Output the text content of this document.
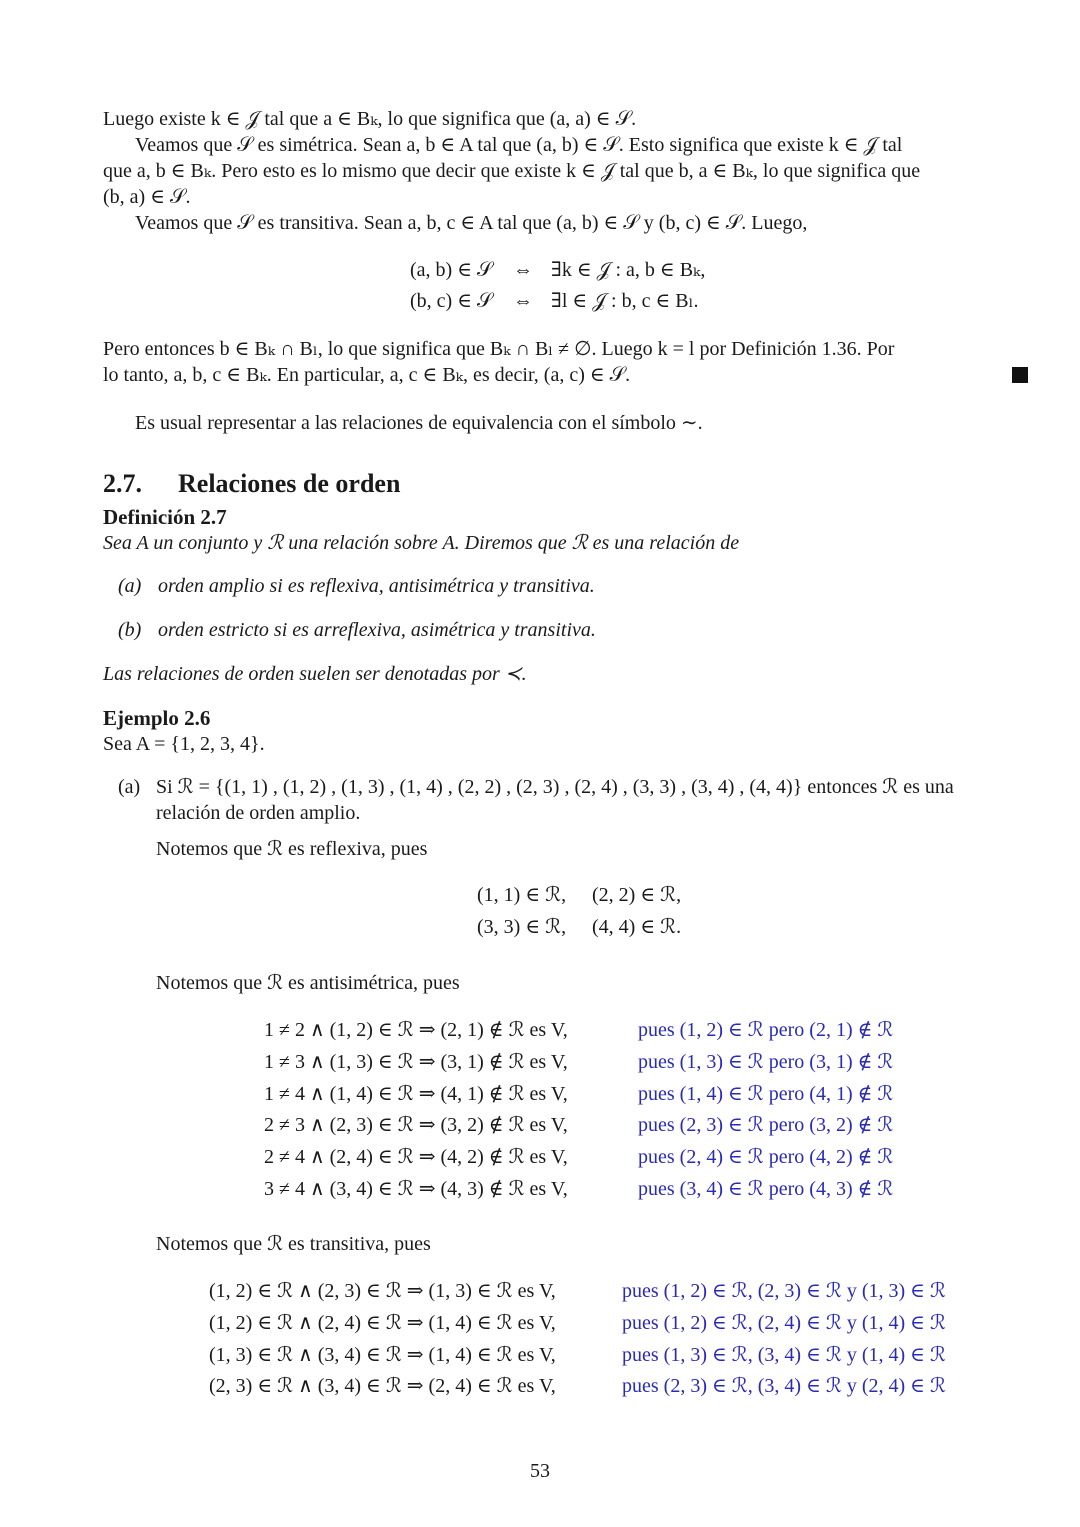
Luego existe k ∈ 𝒥 tal que a ∈ Bₖ, lo que significa que (a, a) ∈ 𝒮.
Veamos que 𝒮 es simétrica. Sean a, b ∈ A tal que (a, b) ∈ 𝒮. Esto significa que existe k ∈ 𝒥 tal
que a, b ∈ Bₖ. Pero esto es lo mismo que decir que existe k ∈ 𝒥 tal que b, a ∈ Bₖ, lo que significa que
(b, a) ∈ 𝒮.
Veamos que 𝒮 es transitiva. Sean a, b, c ∈ A tal que (a, b) ∈ 𝒮 y (b, c) ∈ 𝒮. Luego,
(a, b) ∈ 𝒮 ⇔ ∃k ∈ 𝒥 : a, b ∈ Bₖ,
(b, c) ∈ 𝒮 ⇔ ∃l ∈ 𝒥 : b, c ∈ Bₗ.
Pero entonces b ∈ Bₖ ∩ Bₗ, lo que significa que Bₖ ∩ Bₗ ≠ ∅. Luego k = l por Definición 1.36. Por
lo tanto, a, b, c ∈ Bₖ. En particular, a, c ∈ Bₖ, es decir, (a, c) ∈ 𝒮.
Es usual representar a las relaciones de equivalencia con el símbolo ∼.
2.7. Relaciones de orden
Definición 2.7
Sea A un conjunto y ℛ una relación sobre A. Diremos que ℛ es una relación de
(a) orden amplio si es reflexiva, antisimétrica y transitiva.
(b) orden estricto si es arreflexiva, asimétrica y transitiva.
Las relaciones de orden suelen ser denotadas por ≺.
Ejemplo 2.6
Sea A = {1, 2, 3, 4}.
(a) Si ℛ = {(1, 1) , (1, 2) , (1, 3) , (1, 4) , (2, 2) , (2, 3) , (2, 4) , (3, 3) , (3, 4) , (4, 4)} entonces ℛ es una
relación de orden amplio.
Notemos que ℛ es reflexiva, pues
(1, 1) ∈ ℛ, (2, 2) ∈ ℛ,
(3, 3) ∈ ℛ, (4, 4) ∈ ℛ.
Notemos que ℛ es antisimétrica, pues
1 ≠ 2 ∧ (1, 2) ∈ ℛ ⇒ (2, 1) ∉ ℛ es V,	pues (1, 2) ∈ ℛ pero (2, 1) ∉ ℛ
1 ≠ 3 ∧ (1, 3) ∈ ℛ ⇒ (3, 1) ∉ ℛ es V,	pues (1, 3) ∈ ℛ pero (3, 1) ∉ ℛ
1 ≠ 4 ∧ (1, 4) ∈ ℛ ⇒ (4, 1) ∉ ℛ es V,	pues (1, 4) ∈ ℛ pero (4, 1) ∉ ℛ
2 ≠ 3 ∧ (2, 3) ∈ ℛ ⇒ (3, 2) ∉ ℛ es V,	pues (2, 3) ∈ ℛ pero (3, 2) ∉ ℛ
2 ≠ 4 ∧ (2, 4) ∈ ℛ ⇒ (4, 2) ∉ ℛ es V,	pues (2, 4) ∈ ℛ pero (4, 2) ∉ ℛ
3 ≠ 4 ∧ (3, 4) ∈ ℛ ⇒ (4, 3) ∉ ℛ es V,	pues (3, 4) ∈ ℛ pero (4, 3) ∉ ℛ
Notemos que ℛ es transitiva, pues
(1, 2) ∈ ℛ ∧ (2, 3) ∈ ℛ ⇒ (1, 3) ∈ ℛ es V,	pues (1, 2) ∈ ℛ, (2, 3) ∈ ℛ y (1, 3) ∈ ℛ
(1, 2) ∈ ℛ ∧ (2, 4) ∈ ℛ ⇒ (1, 4) ∈ ℛ es V,	pues (1, 2) ∈ ℛ, (2, 4) ∈ ℛ y (1, 4) ∈ ℛ
(1, 3) ∈ ℛ ∧ (3, 4) ∈ ℛ ⇒ (1, 4) ∈ ℛ es V,	pues (1, 3) ∈ ℛ, (3, 4) ∈ ℛ y (1, 4) ∈ ℛ
(2, 3) ∈ ℛ ∧ (3, 4) ∈ ℛ ⇒ (2, 4) ∈ ℛ es V,	pues (2, 3) ∈ ℛ, (3, 4) ∈ ℛ y (2, 4) ∈ ℛ
53
